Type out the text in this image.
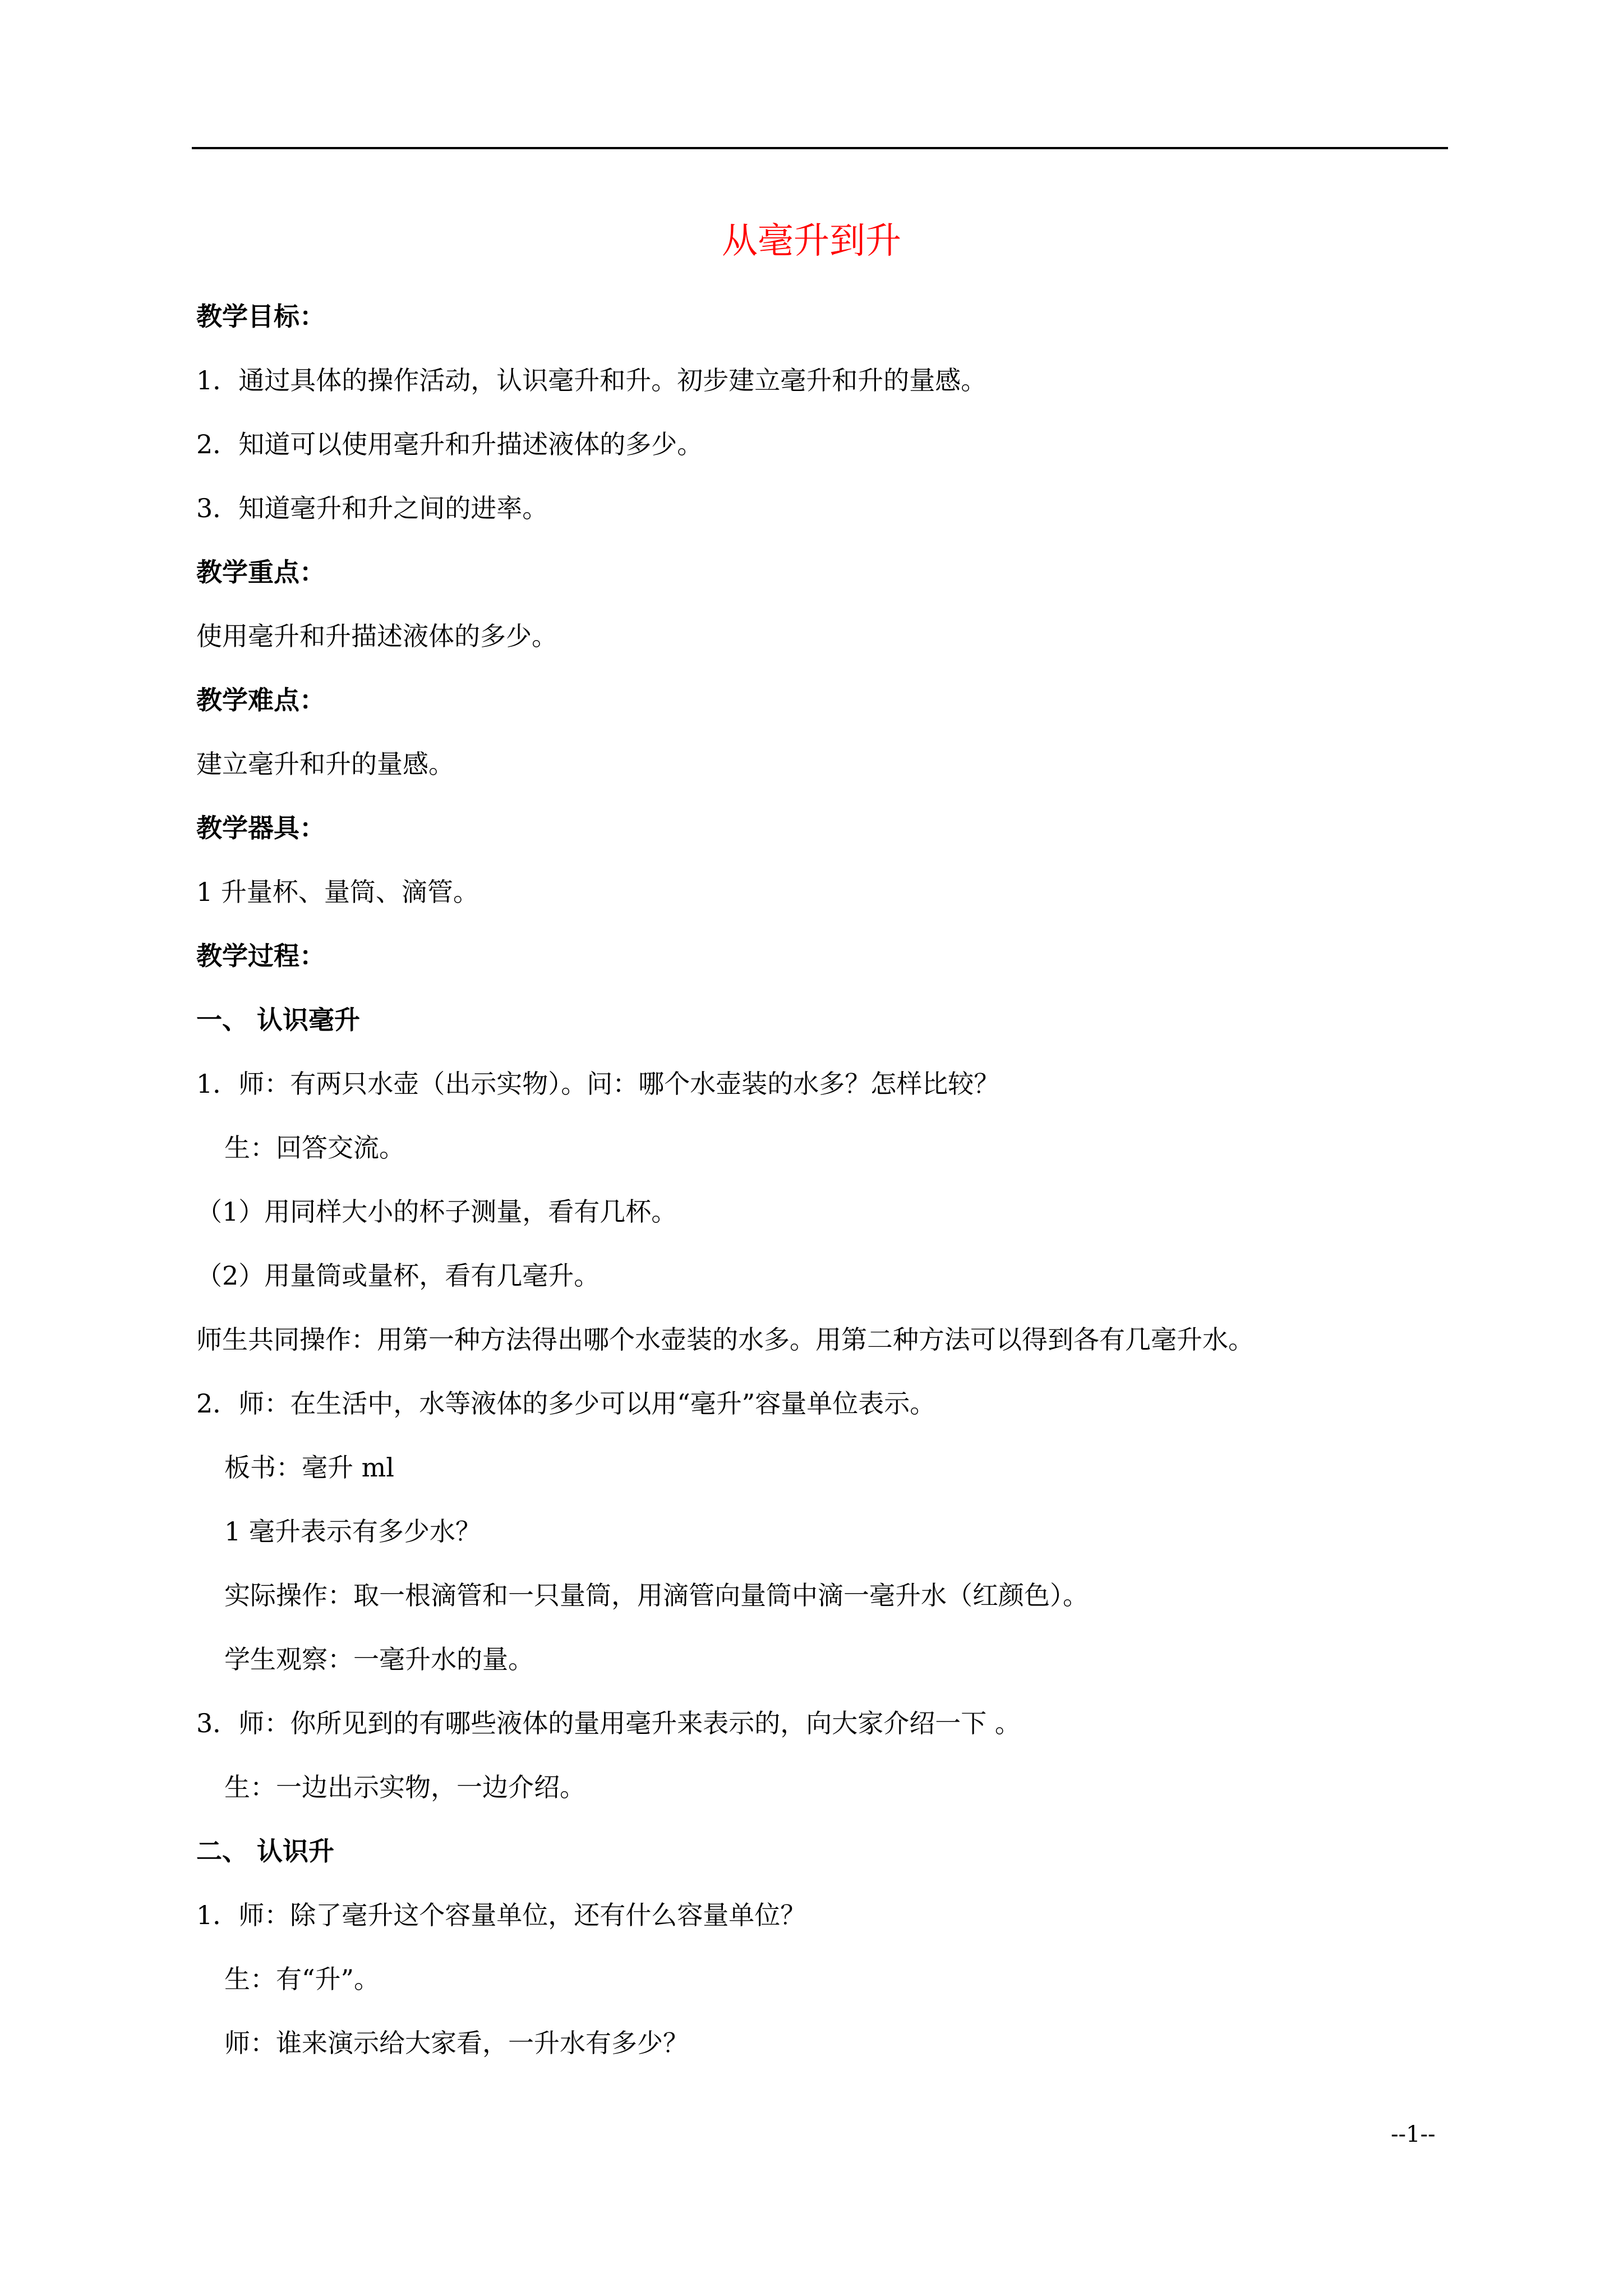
从毫升到升
教学目标：
1．通过具体的操作活动，认识毫升和升。初步建立毫升和升的量感。
2．知道可以使用毫升和升描述液体的多少。
3．知道毫升和升之间的进率。
教学重点：
使用毫升和升描述液体的多少。
教学难点：
建立毫升和升的量感。
教学器具：
1 升量杯、量筒、滴管。
教学过程：
一、 认识毫升
1．师：有两只水壶（出示实物）。问：哪个水壶装的水多？怎样比较？
生：回答交流。
（1）用同样大小的杯子测量，看有几杯。
（2）用量筒或量杯，看有几毫升。
师生共同操作：用第一种方法得出哪个水壶装的水多。用第二种方法可以得到各有几毫升水。
2．师：在生活中，水等液体的多少可以用“毫升”容量单位表示。
板书：毫升 ml
1 毫升表示有多少水？
实际操作：取一根滴管和一只量筒，用滴管向量筒中滴一毫升水（红颜色）。
学生观察：一毫升水的量。
3．师：你所见到的有哪些液体的量用毫升来表示的，向大家介绍一下 。
生：一边出示实物，一边介绍。
二、 认识升
1．师：除了毫升这个容量单位，还有什么容量单位？
生：有“升”。
师：谁来演示给大家看，一升水有多少？
--1--
